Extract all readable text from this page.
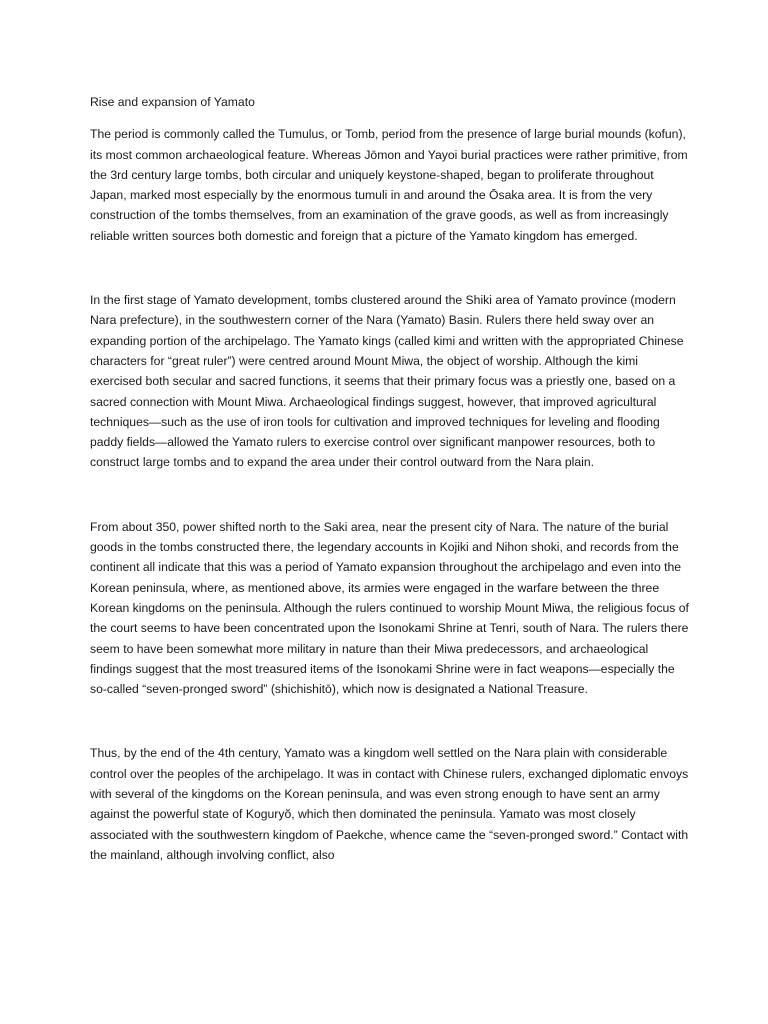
Rise and expansion of Yamato

The period is commonly called the Tumulus, or Tomb, period from the presence of large burial mounds (kofun), its most common archaeological feature. Whereas Jōmon and Yayoi burial practices were rather primitive, from the 3rd century large tombs, both circular and uniquely keystone-shaped, began to proliferate throughout Japan, marked most especially by the enormous tumuli in and around the Ōsaka area. It is from the very construction of the tombs themselves, from an examination of the grave goods, as well as from increasingly reliable written sources both domestic and foreign that a picture of the Yamato kingdom has emerged.

In the first stage of Yamato development, tombs clustered around the Shiki area of Yamato province (modern Nara prefecture), in the southwestern corner of the Nara (Yamato) Basin. Rulers there held sway over an expanding portion of the archipelago. The Yamato kings (called kimi and written with the appropriated Chinese characters for “great ruler”) were centred around Mount Miwa, the object of worship. Although the kimi exercised both secular and sacred functions, it seems that their primary focus was a priestly one, based on a sacred connection with Mount Miwa. Archaeological findings suggest, however, that improved agricultural techniques—such as the use of iron tools for cultivation and improved techniques for leveling and flooding paddy fields—allowed the Yamato rulers to exercise control over significant manpower resources, both to construct large tombs and to expand the area under their control outward from the Nara plain.

From about 350, power shifted north to the Saki area, near the present city of Nara. The nature of the burial goods in the tombs constructed there, the legendary accounts in Kojiki and Nihon shoki, and records from the continent all indicate that this was a period of Yamato expansion throughout the archipelago and even into the Korean peninsula, where, as mentioned above, its armies were engaged in the warfare between the three Korean kingdoms on the peninsula. Although the rulers continued to worship Mount Miwa, the religious focus of the court seems to have been concentrated upon the Isonokami Shrine at Tenri, south of Nara. The rulers there seem to have been somewhat more military in nature than their Miwa predecessors, and archaeological findings suggest that the most treasured items of the Isonokami Shrine were in fact weapons—especially the so-called “seven-pronged sword” (shichishitō), which now is designated a National Treasure.

Thus, by the end of the 4th century, Yamato was a kingdom well settled on the Nara plain with considerable control over the peoples of the archipelago. It was in contact with Chinese rulers, exchanged diplomatic envoys with several of the kingdoms on the Korean peninsula, and was even strong enough to have sent an army against the powerful state of Koguryŏ, which then dominated the peninsula. Yamato was most closely associated with the southwestern kingdom of Paekche, whence came the “seven-pronged sword.” Contact with the mainland, although involving conflict, also
